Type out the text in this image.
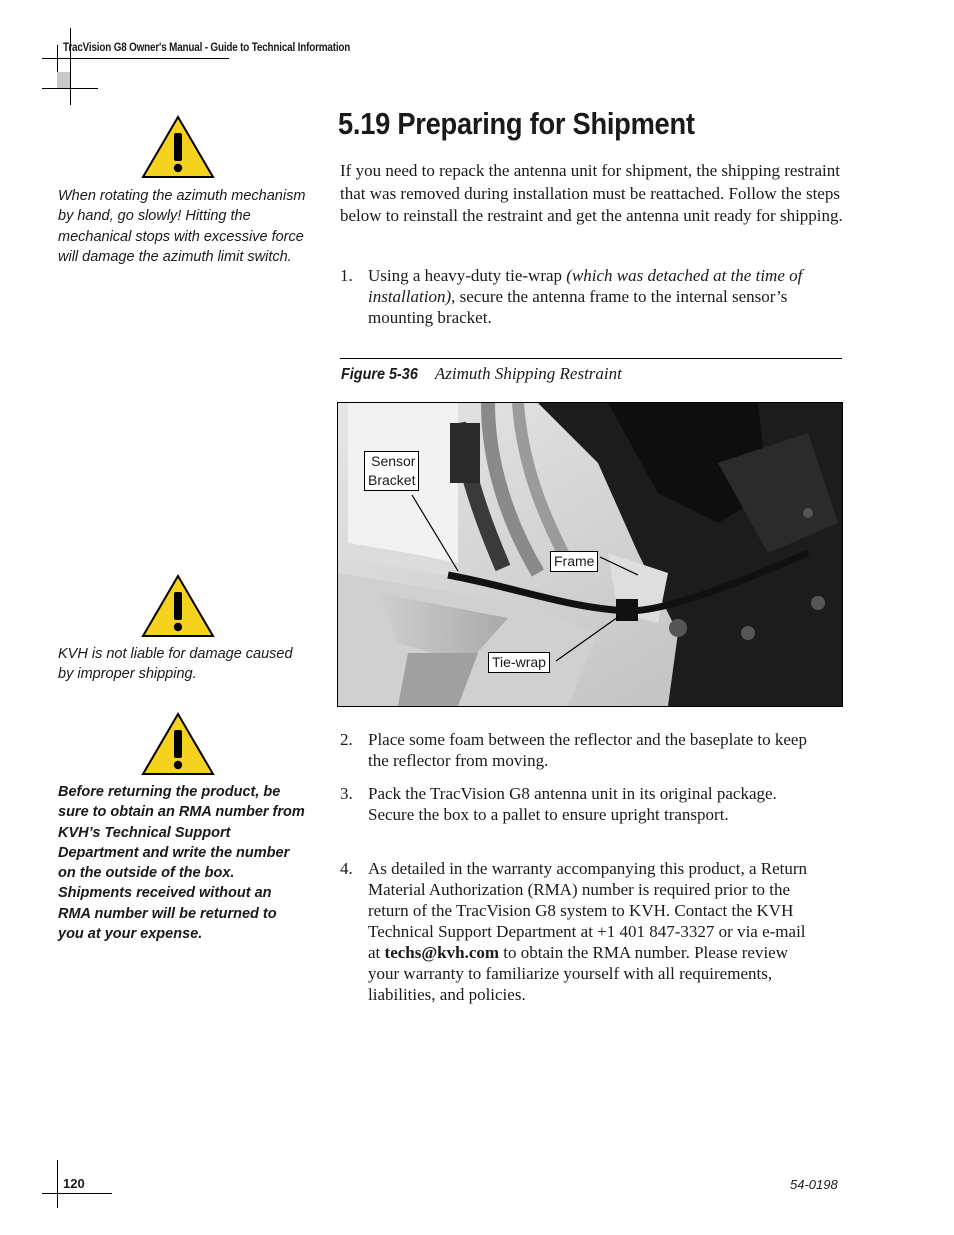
TracVision G8 Owner's Manual - Guide to Technical Information
5.19 Preparing for Shipment
If you need to repack the antenna unit for shipment, the shipping restraint that was removed during installation must be reattached. Follow the steps below to reinstall the restraint and get the antenna unit ready for shipping.
1. Using a heavy-duty tie-wrap (which was detached at the time of installation), secure the antenna frame to the internal sensor’s mounting bracket.
Figure 5-36 Azimuth Shipping Restraint
Sensor
Bracket
Frame
Tie-wrap
2. Place some foam between the reflector and the baseplate to keep the reflector from moving.
3. Pack the TracVision G8 antenna unit in its original package. Secure the box to a pallet to ensure upright transport.
4. As detailed in the warranty accompanying this product, a Return Material Authorization (RMA) number is required prior to the return of the TracVision G8 system to KVH. Contact the KVH Technical Support Department at +1 401 847-3327 or via e-mail at techs@kvh.com to obtain the RMA number. Please review your warranty to familiarize yourself with all requirements, liabilities, and policies.
When rotating the azimuth mechanism by hand, go slowly! Hitting the mechanical stops with excessive force will damage the azimuth limit switch.
KVH is not liable for damage caused by improper shipping.
Before returning the product, be sure to obtain an RMA number from KVH’s Technical Support Department and write the number on the outside of the box. Shipments received without an RMA number will be returned to you at your expense.
120	54-0198
